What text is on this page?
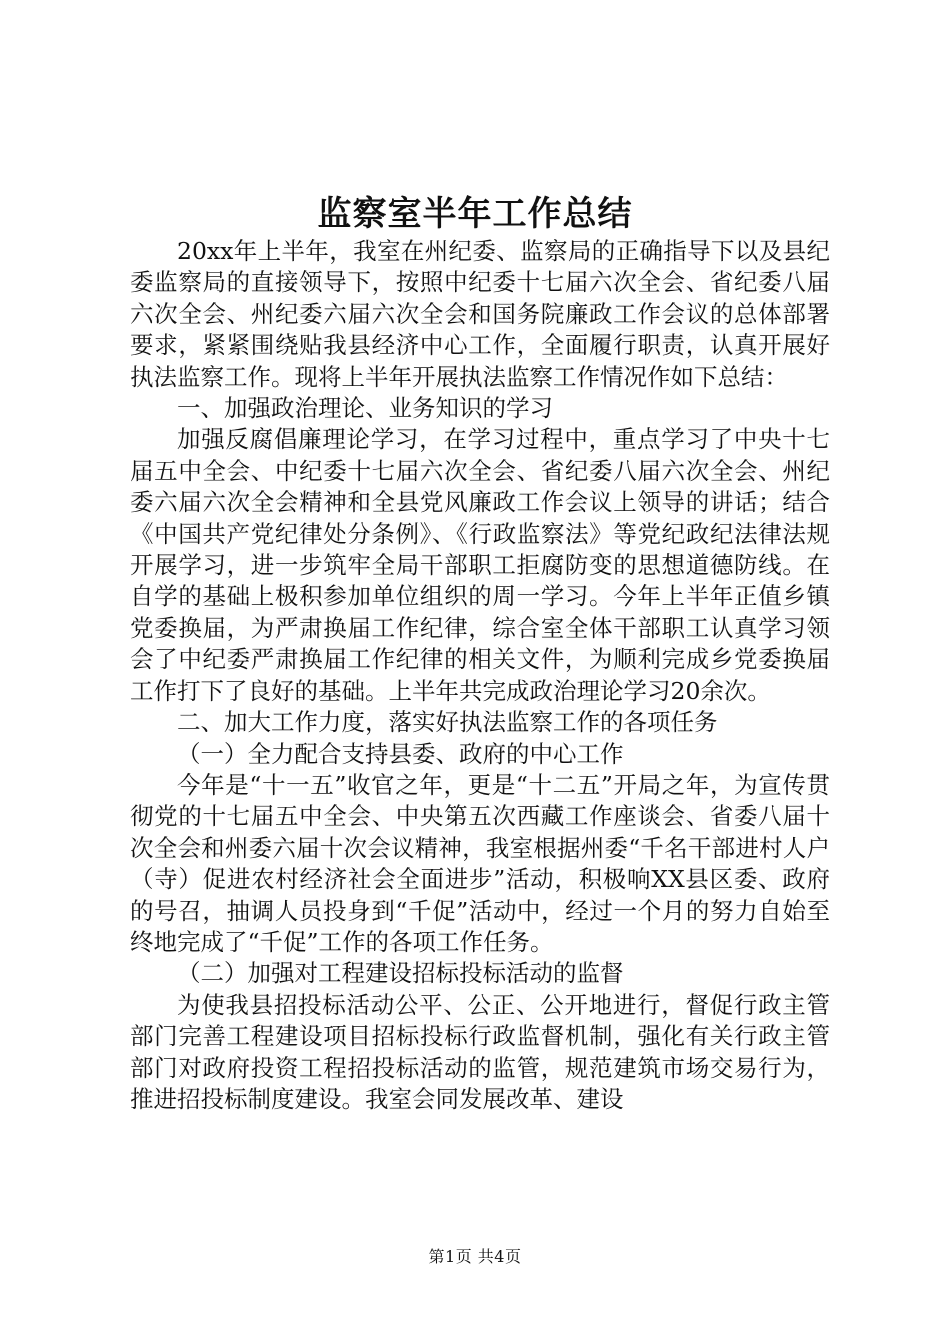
监察室半年工作总结

20xx年上半年，我室在州纪委、监察局的正确指导下以及县纪委监察局的直接领导下，按照中纪委十七届六次全会、省纪委八届六次全会、州纪委六届六次全会和国务院廉政工作会议的总体部署要求，紧紧围绕贴我县经济中心工作，全面履行职责，认真开展好执法监察工作。现将上半年开展执法监察工作情况作如下总结：

一、加强政治理论、业务知识的学习

加强反腐倡廉理论学习，在学习过程中，重点学习了中央十七届五中全会、中纪委十七届六次全会、省纪委八届六次全会、州纪委六届六次全会精神和全县党风廉政工作会议上领导的讲话；结合《中国共产党纪律处分条例》、《行政监察法》等党纪政纪法律法规开展学习，进一步筑牢全局干部职工拒腐防变的思想道德防线。在自学的基础上极积参加单位组织的周一学习。今年上半年正值乡镇党委换届，为严肃换届工作纪律，综合室全体干部职工认真学习领会了中纪委严肃换届工作纪律的相关文件，为顺利完成乡党委换届工作打下了良好的基础。上半年共完成政治理论学习20余次。

二、加大工作力度，落实好执法监察工作的各项任务

（一）全力配合支持县委、政府的中心工作

今年是“十一五”收官之年，更是“十二五”开局之年，为宣传贯彻党的十七届五中全会、中央第五次西藏工作座谈会、省委八届十次全会和州委六届十次会议精神，我室根据州委“千名干部进村人户（寺）促进农村经济社会全面进步”活动，积极响XX县区委、政府的号召，抽调人员投身到“千促”活动中，经过一个月的努力自始至终地完成了“千促”工作的各项工作任务。

（二）加强对工程建设招标投标活动的监督

为使我县招投标活动公平、公正、公开地进行，督促行政主管部门完善工程建设项目招标投标行政监督机制，强化有关行政主管部门对政府投资工程招投标活动的监管，规范建筑市场交易行为，推进招投标制度建设。我室会同发展改革、建设

第1页 共4页
